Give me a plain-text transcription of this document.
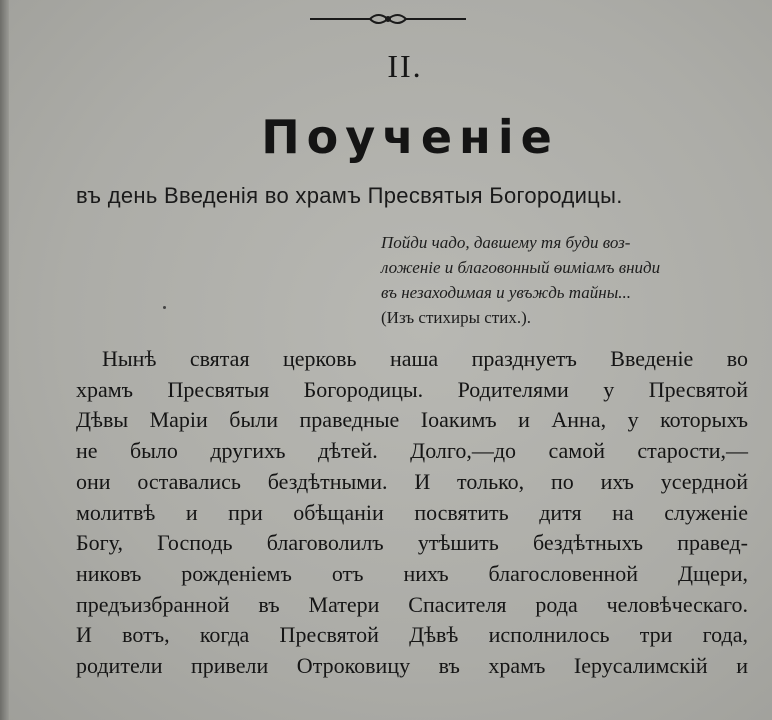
II.
Поученіе
въ день Введенія во храмъ Пресвятыя Богородицы.
Пойди чадо, давшему тя буди воз-
ложеніе и благовонный ѳиміамъ вниди
въ незаходимая и увъждь тайны...
(Изъ стихиры стих.).
Нынѣ святая церковь наша празднуетъ Введеніе во
храмъ Пресвятыя Богородицы. Родителями у Пресвятой
Дѣвы Маріи были праведные Іоакимъ и Анна, у которыхъ
не было другихъ дѣтей. Долго,—до самой старости,—
они оставались бездѣтными. И только, по ихъ усердной
молитвѣ и при обѣщаніи посвятить дитя на служеніе
Богу, Господь благоволилъ утѣшить бездѣтныхъ правед-
никовъ рожденіемъ отъ нихъ благословенной Дщери,
предъизбранной въ Матери Спасителя рода человѣческаго.
И вотъ, когда Пресвятой Дѣвѣ исполнилось три года,
родители привели Отроковицу въ храмъ Іерусалимскій и
